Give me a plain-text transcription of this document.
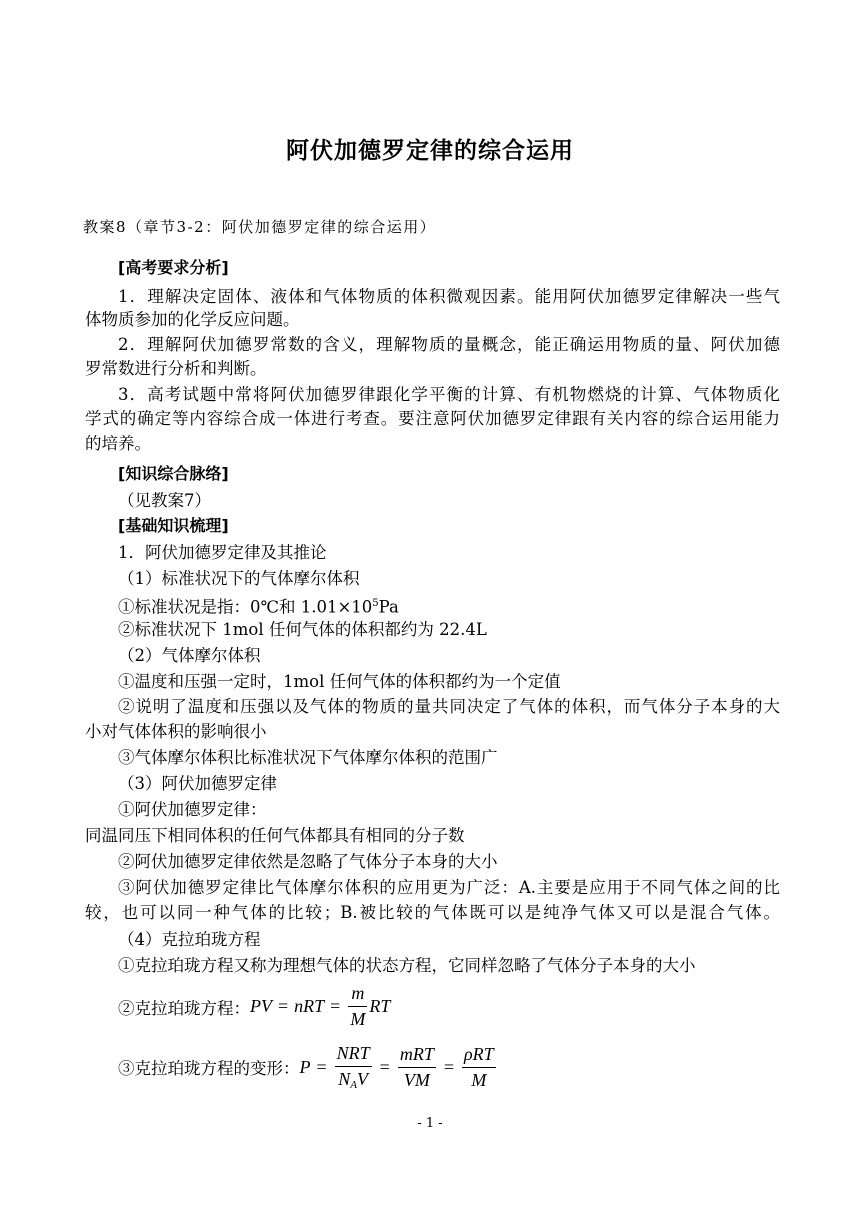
阿伏加德罗定律的综合运用
教案8（章节3-2：阿伏加德罗定律的综合运用）
[高考要求分析]
1．理解决定固体、液体和气体物质的体积微观因素。能用阿伏加德罗定律解决一些气
体物质参加的化学反应问题。
2．理解阿伏加德罗常数的含义，理解物质的量概念，能正确运用物质的量、阿伏加德
罗常数进行分析和判断。
3．高考试题中常将阿伏加德罗律跟化学平衡的计算、有机物燃烧的计算、气体物质化
学式的确定等内容综合成一体进行考查。要注意阿伏加德罗定律跟有关内容的综合运用能力
的培养。
[知识综合脉络]
（见教案7）
[基础知识梳理]
1．阿伏加德罗定律及其推论
（1）标准状况下的气体摩尔体积
①标准状况是指：0℃和 $1.01\times 10^5Pa$
②标准状况下 1mol 任何气体的体积都约为 22.4L
（2）气体摩尔体积
①温度和压强一定时，1mol 任何气体的体积都约为一个定值
②说明了温度和压强以及气体的物质的量共同决定了气体的体积，而气体分子本身的大
小对气体体积的影响很小
③气体摩尔体积比标准状况下气体摩尔体积的范围广
（3）阿伏加德罗定律
①阿伏加德罗定律：
同温同压下相同体积的任何气体都具有相同的分子数
②阿伏加德罗定律依然是忽略了气体分子本身的大小
③阿伏加德罗定律比气体摩尔体积的应用更为广泛：A.主要是应用于不同气体之间的比
较，也可以同一种气体的比较；B.被比较的气体既可以是纯净气体又可以是混合气体。
（4）克拉珀珑方程
①克拉珀珑方程又称为理想气体的状态方程，它同样忽略了气体分子本身的大小
②克拉珀珑方程： PV = nRT = $\frac{m}{M}$ RT
③克拉珀珑方程的变形： $P = \frac{\text{NRT}}{N_AV} = \frac{\text{mRT}}{VM} = \frac{\text{ρRT}}{M}$
- 1 -
